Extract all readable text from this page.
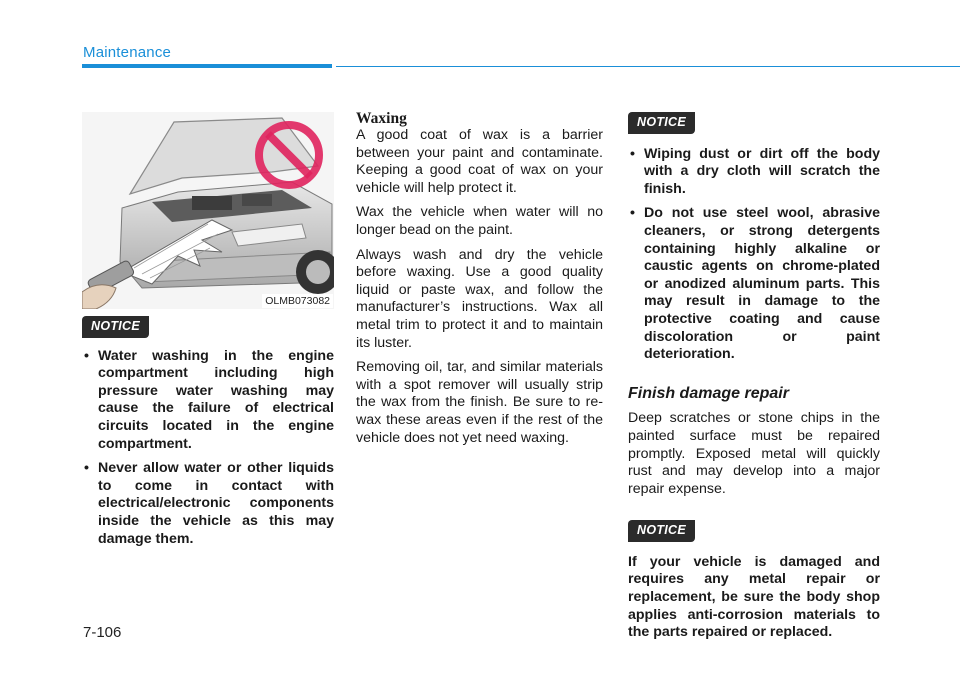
Maintenance
OLMB073082
NOTICE
• Water washing in the engine compartment including high pressure water washing may cause the failure of electrical circuits located in the engine compartment.
• Never allow water or other liquids to come in contact with electrical/electronic components inside the vehicle as this may damage them.
Waxing

A good coat of wax is a barrier between your paint and contaminate. Keeping a good coat of wax on your vehicle will help protect it.

Wax the vehicle when water will no longer bead on the paint.

Always wash and dry the vehicle before waxing. Use a good quality liquid or paste wax, and follow the manufacturer’s instructions. Wax all metal trim to protect it and to maintain its luster.

Removing oil, tar, and similar materials with a spot remover will usually strip the wax from the finish. Be sure to re-wax these areas even if the rest of the vehicle does not yet need waxing.

NOTICE
• Wiping dust or dirt off the body with a dry cloth will scratch the finish.
• Do not use steel wool, abrasive cleaners, or strong detergents containing highly alkaline or caustic agents on chrome-plated or anodized aluminum parts. This may result in damage to the protective coating and cause discoloration or paint deterioration.
Finish damage repair

Deep scratches or stone chips in the painted surface must be repaired promptly. Exposed metal will quickly rust and may develop into a major repair expense.

NOTICE

If your vehicle is damaged and requires any metal repair or replacement, be sure the body shop applies anti-corrosion materials to the parts repaired or replaced.

7-106
